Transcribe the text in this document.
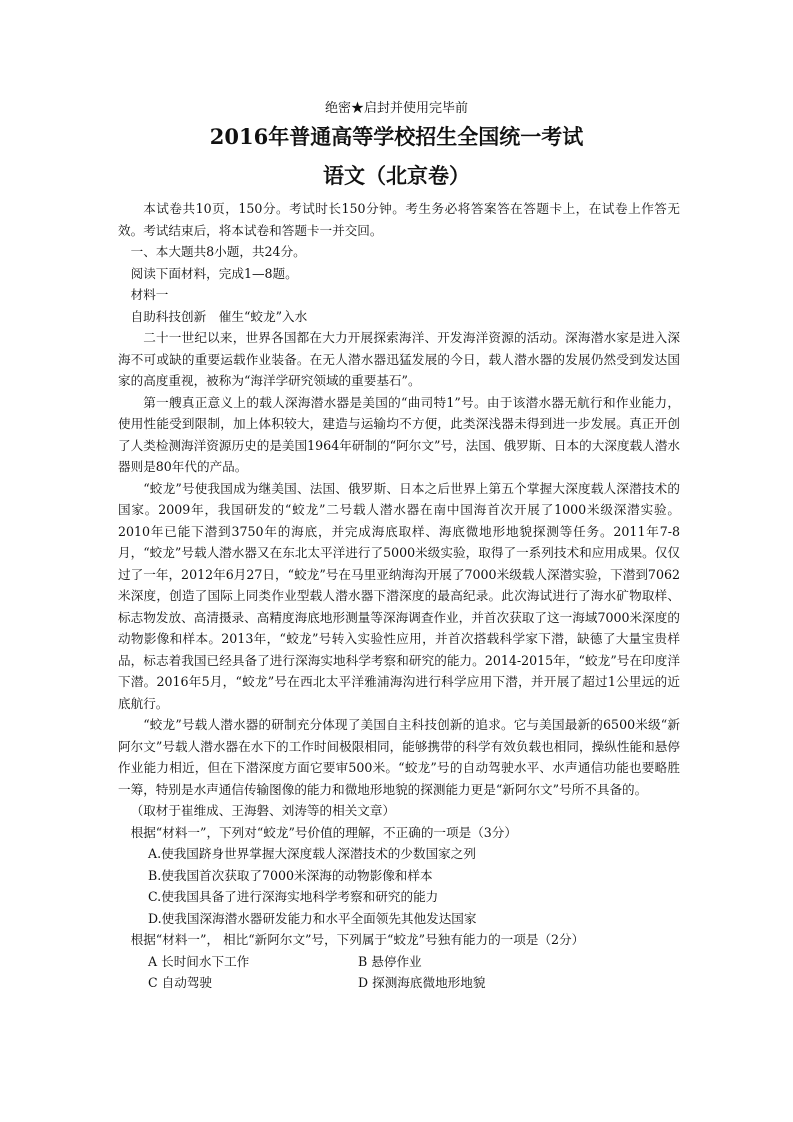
绝密★启封并使用完毕前
2016年普通高等学校招生全国统一考试
语文（北京卷）

本试卷共10页，150分。考试时长150分钟。考生务必将答案答在答题卡上，在试卷上作答无效。考试结束后，将本试卷和答题卡一并交回。

一、本大题共8小题，共24分。

阅读下面材料，完成1—8题。

材料一

自助科技创新　催生“蛟龙”入水

二十一世纪以来，世界各国都在大力开展探索海洋、开发海洋资源的活动。深海潜水家是进入深海不可或缺的重要运载作业装备。在无人潜水器迅猛发展的今日，载人潜水器的发展仍然受到发达国家的高度重视，被称为“海洋学研究领域的重要基石”。

第一艘真正意义上的载人深海潜水器是美国的“曲司特1”号。由于该潜水器无航行和作业能力，使用性能受到限制，加上体积较大，建造与运输均不方便，此类深浅器未得到进一步发展。真正开创了人类检测海洋资源历史的是美国1964年研制的“阿尔文”号，法国、俄罗斯、日本的大深度载人潜水器则是80年代的产品。

“蛟龙”号使我国成为继美国、法国、俄罗斯、日本之后世界上第五个掌握大深度载人深潜技术的国家。2009年，我国研发的“蛟龙”二号载人潜水器在南中国海首次开展了1000米级深潜实验。2010年已能下潜到3750年的海底，并完成海底取样、海底微地形地貌探测等任务。2011年7-8月，“蛟龙”号载人潜水器又在东北太平洋进行了5000米级实验，取得了一系列技术和应用成果。仅仅过了一年，2012年6月27日，“蛟龙”号在马里亚纳海沟开展了7000米级载人深潜实验，下潜到7062米深度，创造了国际上同类作业型载人潜水器下潜深度的最高纪录。此次海试进行了海水矿物取样、标志物发放、高清摄录、高精度海底地形测量等深海调查作业，并首次获取了这一海域7000米深度的动物影像和样本。2013年，“蛟龙”号转入实验性应用，并首次搭载科学家下潜，缺德了大量宝贵样品，标志着我国已经具备了进行深海实地科学考察和研究的能力。2014-2015年，“蛟龙”号在印度洋下潜。2016年5月，“蛟龙”号在西北太平洋雅浦海沟进行科学应用下潜，并开展了超过1公里远的近底航行。

“蛟龙”号载人潜水器的研制充分体现了美国自主科技创新的追求。它与美国最新的6500米级“新阿尔文”号载人潜水器在水下的工作时间极限相同，能够携带的科学有效负载也相同，操纵性能和悬停作业能力相近，但在下潜深度方面它要审500米。“蛟龙”号的自动驾驶水平、水声通信功能也要略胜一筹，特别是水声通信传输图像的能力和微地形地貌的探测能力更是“新阿尔文”号所不具备的。

（取材于崔维成、王海磐、刘涛等的相关文章）

根据“材料一”，下列对“蛟龙”号价值的理解，不正确的一项是（3分）

A.使我国跻身世界掌握大深度载人深潜技术的少数国家之列

B.使我国首次获取了7000米深海的动物影像和样本

C.使我国具备了进行深海实地科学考察和研究的能力

D.使我国深海潜水器研发能力和水平全面领先其他发达国家

根据“材料一”， 相比“新阿尔文”号，下列属于“蛟龙”号独有能力的一项是（2分）

A 长时间水下工作	B 悬停作业
C 自动驾驶	D 探测海底微地形地貌
